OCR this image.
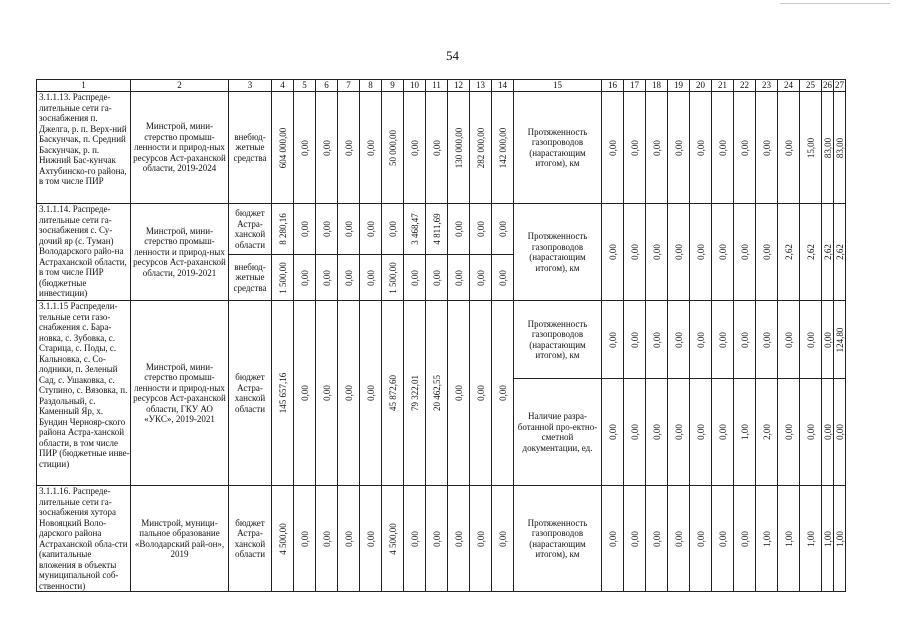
54
1	2	3	4	5	6	7	8	9	10	11	12	13	14	15	16	17	18	19	20	21	22	23	24	25	26	27
3.1.1.13. Распреде-лительные сети га-зоснабжения п. Джелга, р. п. Верх-ний Баскунчак, п. Средний Баскунчак, р. п. Нижний Бас-кунчак Ахтубинско-го района, в том числе ПИР	Минстрой, мини-стерство промыш-ленности и природ-ных ресурсов Аст-раханской области, 2019-2024	внебюд-жетные средства	604 000,00	0,00	0,00	0,00	0,00	50 000,00	0,00	0,00	130 000,00	282 000,00	142 000,00	Протяженность газопроводов (нарастающим итогом), км	0,00	0,00	0,00	0,00	0,00	0,00	0,00	0,00	0,00	15,00	83,00	83,00

3.1.1.14. Распреде-лительные сети га-зоснабжения с. Су-дочий яр (с. Туман) Володарского райо-на Астраханской области, в том числе ПИР (бюджетные инвестиции)	Минстрой, мини-стерство промыш-ленности и природ-ных ресурсов Аст-раханской области, 2019-2021	бюджет Астра-ханской области	8 280,16	0,00	0,00	0,00	0,00	0,00	3 468,47	4 811,69	0,00	0,00	0,00	Протяженность газопроводов (нарастающим итогом), км	0,00	0,00	0,00	0,00	0,00	0,00	0,00	0,00	2,62	2,62	2,62	2,62

		внебюд-жетные средства	1 500,00	0,00	0,00	0,00	0,00	1 500,00	0,00	0,00	0,00	0,00	0,00													

3.1.1.15 Распредели-тельные сети газо-снабжения с. Бара-новка, с. Зубовка, с. Старица, с. Поды, с. Кальновка, с. Со-лодники, п. Зеленый Сад, с. Ушаковка, с. Ступино, с. Вязовка, п. Раздольный, с. Каменный Яр, х. Бундин Чернояр-ского района Астра-ханской области, в том числе ПИР (бюджетные инве-стиции)	Минстрой, мини-стерство промыш-ленности и природ-ных ресурсов Аст-раханской области, ГКУ АО «УКС», 2019-2021	бюджет Астра-ханской области	145 657,16	0,00	0,00	0,00	0,00	45 872,60	79 322,01	20 462,55	0,00	0,00	0,00	Протяженность газопроводов (нарастающим итогом), км	0,00	0,00	0,00	0,00	0,00	0,00	0,00	0,00	0,00	0,00	0,00	124,80

														Наличие разра-ботанной про-ектно-сметной документации, ед.	0,00	0,00	0,00	0,00	0,00	0,00	1,00	2,00	0,00	0,00	0,00	0,00

3.1.1.16. Распреде-лительные сети га-зоснабжения хутора Новояцкий Воло-дарского района Астраханской обла-сти (капитальные вложения в объекты муниципальной соб-ственности)	Минстрой, муници-пальное образование «Володарский рай-он», 2019	бюджет Астра-ханской области	4 500,00	0,00	0,00	0,00	0,00	4 500,00	0,00	0,00	0,00	0,00	0,00	Протяженность газопроводов (нарастающим итогом), км	0,00	0,00	0,00	0,00	0,00	0,00	0,00	1,00	1,00	1,00	1,00	1,00
